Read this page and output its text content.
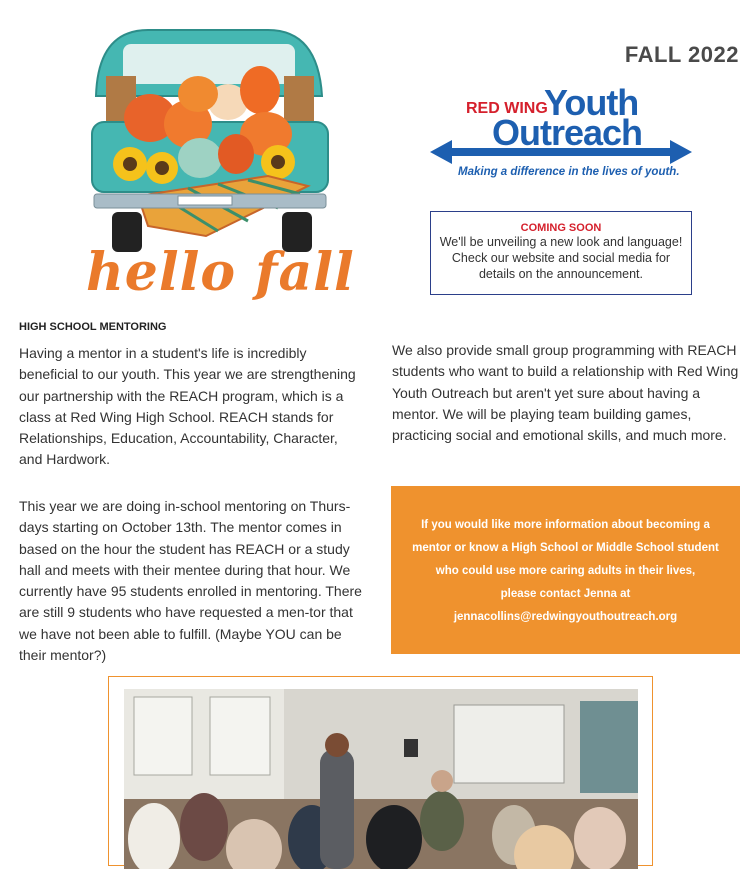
hello fall
FALL 2022
RED WING
Youth
Outreach
Making a difference in the lives of youth.
COMING SOON
We'll be unveiling a new look and language! Check our website and social media for details on the announcement.
HIGH SCHOOL MENTORING
Having a mentor in a student's life is incredibly beneficial to our youth. This year we are strengthening our partnership with the REACH program, which is a class at Red Wing High School. REACH stands for Relationships, Education, Accountability, Character, and Hardwork.
This year we are doing in-school mentoring on Thurs-days starting on October 13th. The mentor comes in based on the hour the student has REACH or a study hall and meets with their mentee during that hour. We currently have 95 students enrolled in mentoring. There are still 9 students who have requested a men-tor that we have not been able to fulfill. (Maybe YOU can be their mentor?)
We also provide small group programming with REACH students who want to build a relationship with Red Wing Youth Outreach but aren't yet sure about having a mentor. We will be playing team building games, practicing social and emotional skills, and much more.
If you would like more information about becoming a
mentor or know a High School or Middle School student
who could use more caring adults in their lives,
please contact Jenna at
jennacollins@redwingyouthoutreach.org
